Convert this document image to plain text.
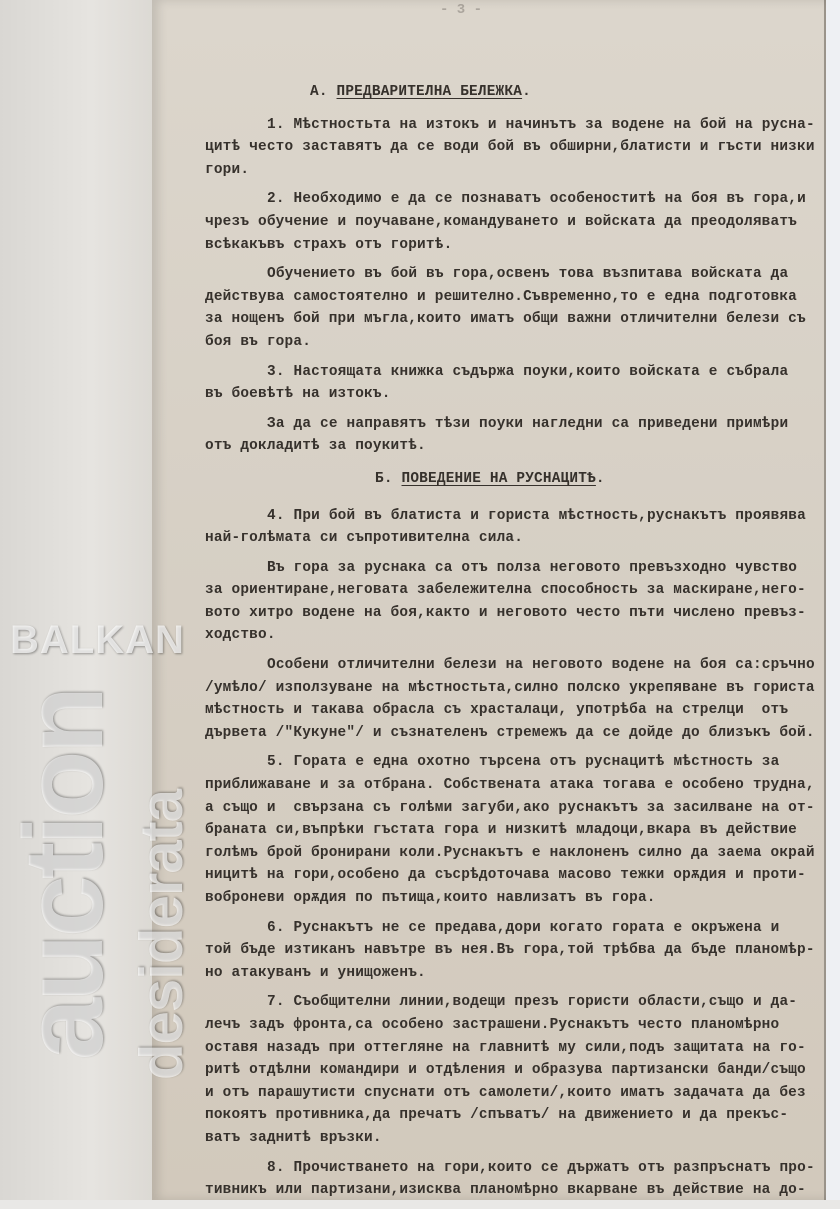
- 3 -
А. ПРЕДВАРИТЕЛНА БЕЛЕЖКА.
1. Мѣстностьта на изтокъ и начинътъ за водене на бой на русна-
цитѣ често заставятъ да се води бой въ обширни,блатисти и гъсти низки
гори.
2. Необходимо е да се познаватъ особеноститѣ на боя въ гора,и
чрезъ обучение и поучаване,командуването и войската да преодоляватъ
всѣкакъвъ страхъ отъ горитѣ.
Обучението въ бой въ гора,освенъ това възпитава войската да
действува самостоятелно и решително.Съвременно,то е една подготовка
за нощенъ бой при мъгла,които иматъ общи важни отличителни белези съ
боя въ гора.
3. Настоящата книжка съдържа поуки,които войската е събрала
въ боевѣтѣ на изтокъ.
За да се направятъ тѣзи поуки нагледни са приведени примѣри
отъ докладитѣ за поукитѣ.
Б. ПОВЕДЕНИЕ НА РУСНАЦИТѢ.
4. При бой въ блатиста и гориста мѣстность,руснакътъ проявява
най-голѣмата си съпротивителна сила.
Въ гора за руснака са отъ полза неговото превъзходно чувство
за ориентиране,неговата забележителна способность за маскиране,него-
вото хитро водене на боя,както и неговото често пъти числено превъз-
ходство.
Особени отличителни белези на неговото водене на боя са:сръчно
/умѣло/ използуване на мѣстностьта,силно полско укрепяване въ гориста
мѣстность и такава обрасла съ храсталаци, употрѣба на стрелци  отъ
дървета /"Кукуне"/ и съзнателенъ стремежъ да се дойде до близъкъ бой.
5. Гората е една охотно търсена отъ руснацитѣ мѣстность за
приближаване и за отбрана. Собствената атака тогава е особено трудна,
а също и  свързана съ голѣми загуби,ако руснакътъ за засилване на от-
браната си,въпрѣки гъстата гора и низкитѣ младоци,вкара въ действие
голѣмъ брой бронирани коли.Руснакътъ е наклоненъ силно да заема окрай
ницитѣ на гори,особено да съсрѣдоточава масово тежки орѫдия и проти-
воброневи орѫдия по пътища,които навлизатъ въ гора.
6. Руснакътъ не се предава,дори когато гората е окръжена и
той бъде изтиканъ навътре въ нея.Въ гора,той трѣбва да бъде планомѣр-
но атакуванъ и унищоженъ.
7. Съобщителни линии,водещи презъ гористи области,също и да-
лечъ задъ фронта,са особено застрашени.Руснакътъ често планомѣрно
оставя назадъ при оттегляне на главнитѣ му сили,подъ защитата на го-
ритѣ отдѣлни командири и отдѣления и образува партизански банди/също
и отъ парашутисти спуснати отъ самолети/,които иматъ задачата да без
покоятъ противника,да пречатъ /спъватъ/ на движението и да прекъс-
ватъ заднитѣ връзки.
8. Прочистването на гори,които се държатъ отъ разпръснатъ про-
тивникъ или партизани,изисква планомѣрно вкарване въ действие на до-
BALKAN
auction desiderata
